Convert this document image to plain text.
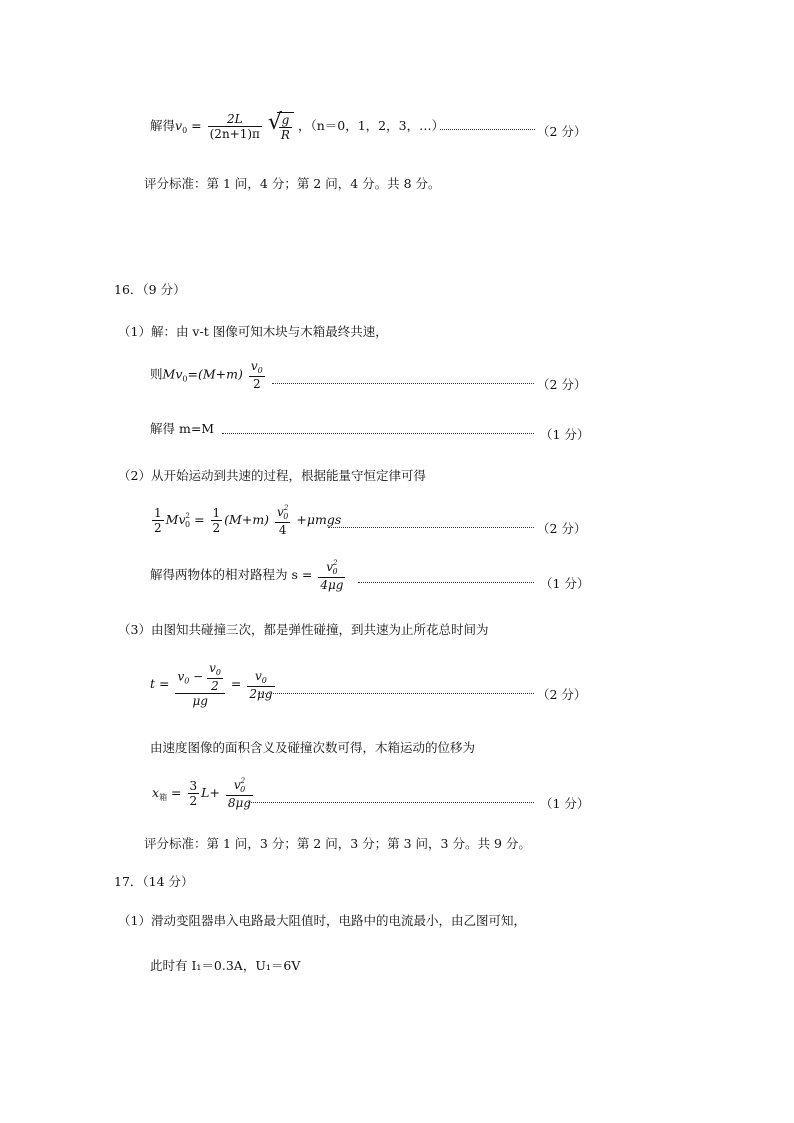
解得$v_0 = \frac{2L}{(2n+1)\pi}$
√
$\frac{g}{R}$ ，（n＝0，1，2，3，…）	（2 分）
评分标准：第 1 问，4 分；第 2 问，4 分。共 8 分。
16．（9 分）
（1）解：由 v-t 图像可知木块与木箱最终共速，
则$Mv_0=(M+m) \frac{v_0}{2}$	（2 分）
解得 m=M	（1 分）
（2）从开始运动到共速的过程，根据能量守恒定律可得
$\frac{1}{2} Mv^2_0 = \frac{1}{2} (M+m) \frac{v^2_0}{4} +\mu mgs$
（2 分）
解得两物体的相对路程为 $s = \frac{v^2_0}{4\mu g}$	（1 分）
（3）由图知共碰撞三次，都是弹性碰撞，到共速为止所花总时间为
$t = \frac{v_0 - \frac{v_0}{2}}{\mu g} = \frac{v_0}{2\mu g}$	（2 分）
由速度图像的面积含义及碰撞次数可得，木箱运动的位移为
$x_箱 = \frac{3}{2} L+ \frac{v^2_0}{8\mu g}$	（1 分）
评分标准：第 1 问，3 分；第 2 问，3 分；第 3 问，3 分。共 9 分。
17．（14 分）
（1）滑动变阻器串入电路最大阻值时，电路中的电流最小，由乙图可知，
此时有 I₁＝0.3A，U₁＝6V
